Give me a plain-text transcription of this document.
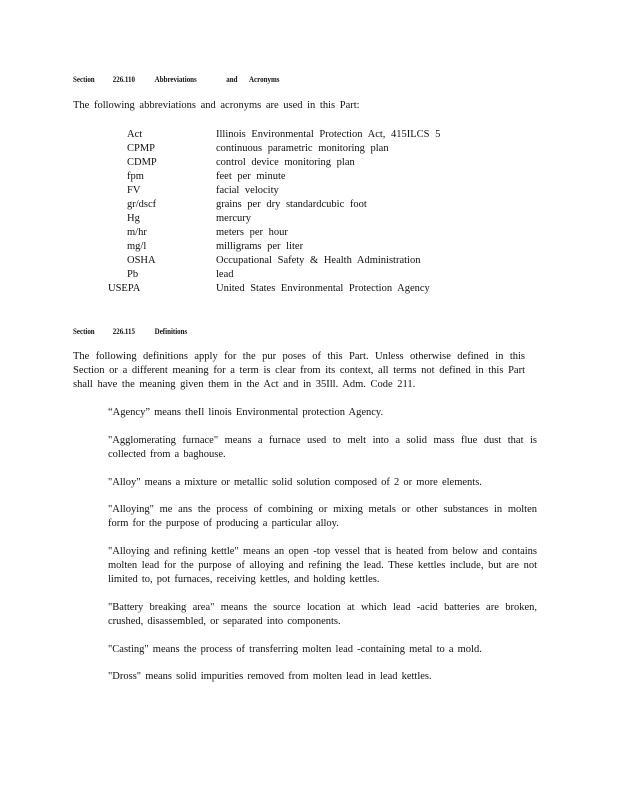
Section 226.110 Abbreviations	and Acronyms
The following abbreviations and acronyms are used in this Part:
Act	Illinois Environmental Protection Act, 415ILCS 5
CPMP	continuous parametric monitoring plan
CDMP	control device monitoring plan
fpm	feet per minute
FV	facial velocity
gr/dscf	grains per dry standardcubic foot
Hg	mercury
m/hr	meters per hour
mg/l	milligrams per liter
OSHA	Occupational Safety & Health Administration
Pb	lead
USEPA	United States Environmental Protection Agency
Section 226.115 Definitions
The following definitions apply for the pur poses of this Part. Unless otherwise defined in this Section or a different meaning for a term is clear from its context, all terms not defined in this Part shall have the meaning given them in the Act and in 35Ill. Adm. Code 211.
“Agency” means theIl linois Environmental protection Agency.
"Agglomerating furnace" means a furnace used to melt into a solid mass flue dust that is collected from a baghouse.
"Alloy" means a mixture or metallic solid solution composed of 2 or more elements.
"Alloying" me ans the process of combining or mixing metals or other substances in molten form for the purpose of producing a particular alloy.
"Alloying and refining kettle" means an open -top vessel that is heated from below and contains molten lead for the purpose of alloying and refining the lead. These kettles include, but are not limited to, pot furnaces, receiving kettles, and holding kettles.
"Battery breaking area" means the source location at which lead -acid batteries are broken, crushed, disassembled, or separated into components.
"Casting" means the process of transferring molten lead -containing metal to a mold.
"Dross" means solid impurities removed from molten lead in lead kettles.
